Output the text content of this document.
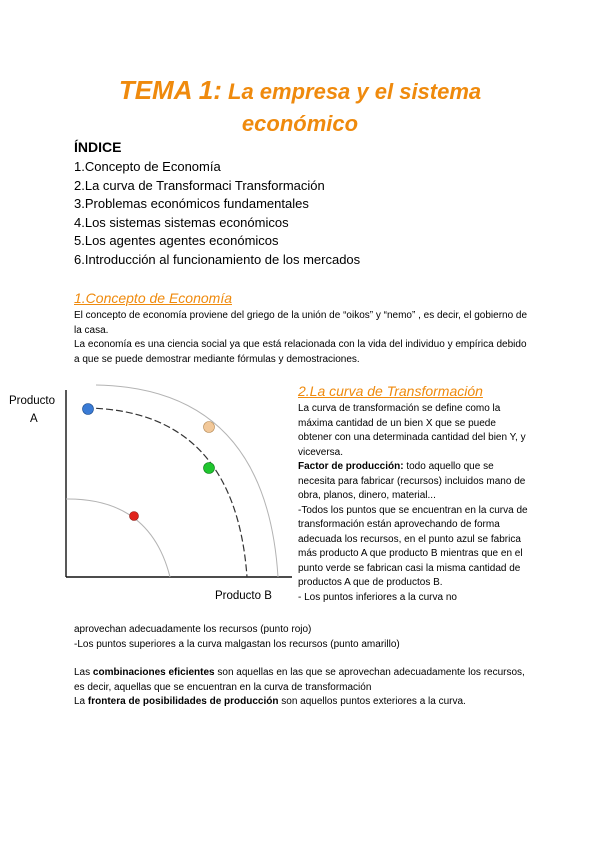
TEMA 1: La empresa y el sistema
económico
ÍNDICE
1.Concepto de Economía
2.La curva de Transformaci Transformación
3.Problemas económicos fundamentales
4.Los sistemas sistemas económicos
5.Los agentes agentes económicos
6.Introducción al funcionamiento de los mercados
1.Concepto de Economía

El concepto de economía proviene del griego de la unión de “oikos” y “nemo” , es decir, el gobierno de la casa.

La economía es una ciencia social ya que está relacionada con la vida del individuo y empírica debido a que se puede demostrar mediante fórmulas y demostraciones.

Producto
A
Producto B
2.La curva de Transformación

La curva de transformación se define como la máxima cantidad de un bien X que se puede obtener con una determinada cantidad del bien Y, y viceversa.

Factor de producción: todo aquello que se necesita para fabricar (recursos) incluidos mano de obra, planos, dinero, material...

-Todos los puntos que se encuentran en la curva de transformación están aprovechando de forma adecuada los recursos, en el punto azul se fabrica más producto A que producto B mientras que en el punto verde se fabrican casi la misma cantidad de productos A que de productos B.

- Los puntos inferiores a la curva no

aprovechan adecuadamente los recursos (punto rojo)

-Los puntos superiores a la curva malgastan los recursos (punto amarillo)

Las combinaciones eficientes son aquellas en las que se aprovechan adecuadamente los recursos, es decir, aquellas que se encuentran en la curva de transformación

La frontera de posibilidades de producción son aquellos puntos exteriores a la curva.
